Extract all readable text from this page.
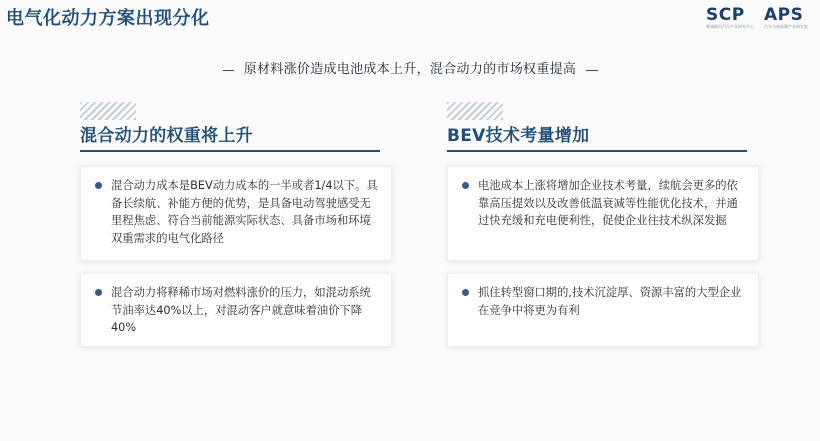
电气化动力方案出现分化	SCP
赛迪顾问汽车产业研究中心
APS
汽车与新能源产业研究院
原材料涨价造成电池成本上升，混合动力的市场权重提高
混合动力的权重将上升
混合动力成本是BEV动力成本的一半或者1/4以下。具备长续航、补能方便的优势，是具备电动驾驶感受无里程焦虑、符合当前能源实际状态、具备市场和环境双重需求的电气化路径
混合动力将释稀市场对燃料涨价的压力，如混动系统节油率达40%以上，对混动客户就意味着油价下降40%
BEV技术考量增加
电池成本上涨将增加企业技术考量，续航会更多的依靠高压提效以及改善低温衰减等性能优化技术，并通过快充缓和充电便利性，促使企业往技术纵深发掘
抓住转型窗口期的,技术沉淀厚、资源丰富的大型企业在竞争中将更为有利
